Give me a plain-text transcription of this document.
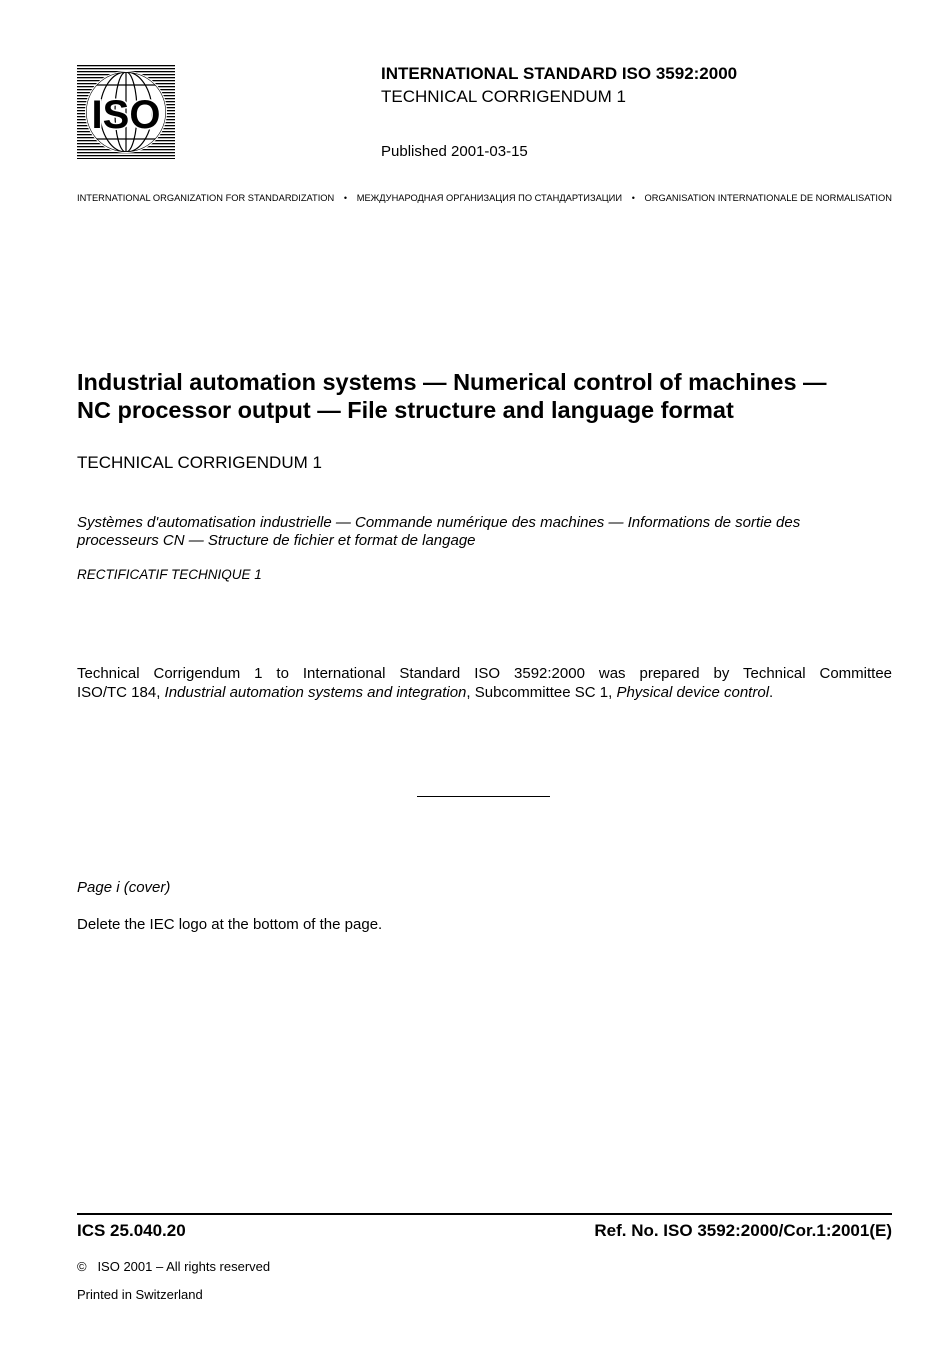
ISO
INTERNATIONAL STANDARD ISO 3592:2000
TECHNICAL CORRIGENDUM 1
Published 2001-03-15
INTERNATIONAL ORGANIZATION FOR STANDARDIZATION • МЕЖДУНАРОДНАЯ ОРГАНИЗАЦИЯ ПО СТАНДАРТИЗАЦИИ • ORGANISATION INTERNATIONALE DE NORMALISATION
Industrial automation systems — Numerical control of machines —
NC processor output — File structure and language format
TECHNICAL CORRIGENDUM 1
Systèmes d'automatisation industrielle — Commande numérique des machines — Informations de sortie des
processeurs CN — Structure de fichier et format de langage
RECTIFICATIF TECHNIQUE 1
Technical Corrigendum 1 to International Standard ISO 3592:2000 was prepared by Technical Committee
ISO/TC 184, Industrial automation systems and integration, Subcommittee SC 1, Physical device control.
Page i (cover)
Delete the IEC logo at the bottom of the page.
ICS 25.040.20	Ref. No. ISO 3592:2000/Cor.1:2001(E)
© ISO 2001 – All rights reserved
Printed in Switzerland
